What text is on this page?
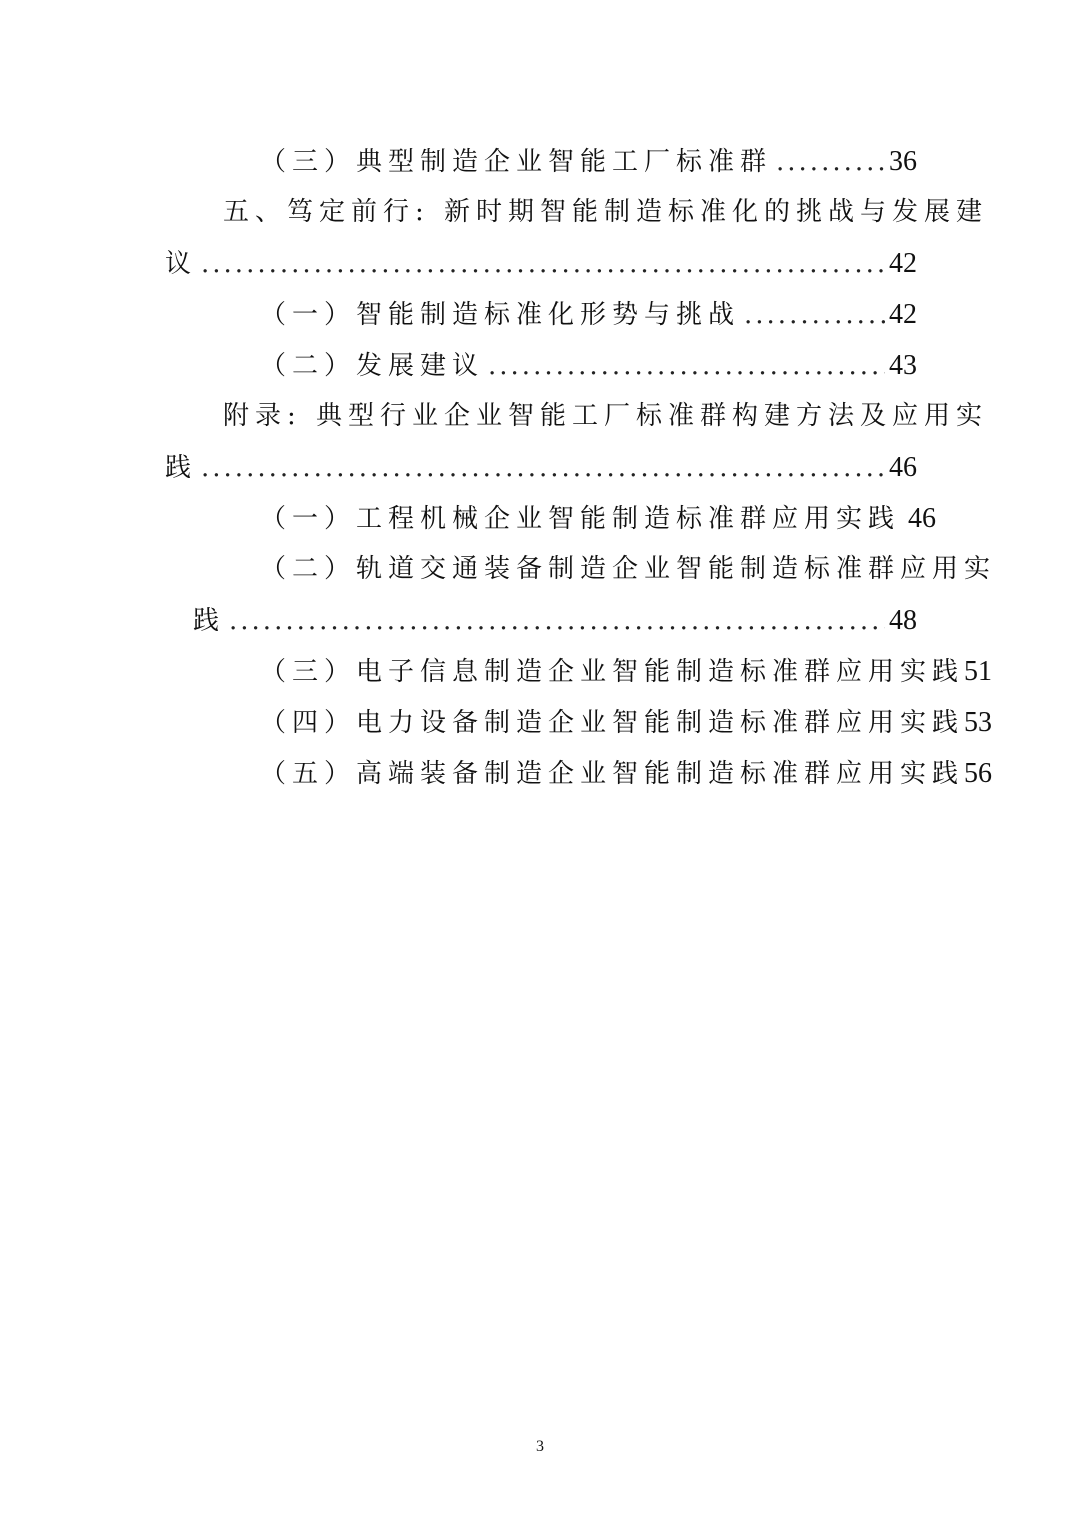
（三）典型制造企业智能工厂标准群 .....	36
五、笃定前行: 新时期智能制造标准化的挑战与发展建
议 .....	42
（一）智能制造标准化形势与挑战 .....	42
（二）发展建议 .....	43
附录: 典型行业企业智能工厂标准群构建方法及应用实
践 .....	46
（一）工程机械企业智能制造标准群应用实践 46
（二）轨道交通装备制造企业智能制造标准群应用实
践 .....	48
（三）电子信息制造企业智能制造标准群应用实践 51
（四）电力设备制造企业智能制造标准群应用实践 53
（五）高端装备制造企业智能制造标准群应用实践 56
3
